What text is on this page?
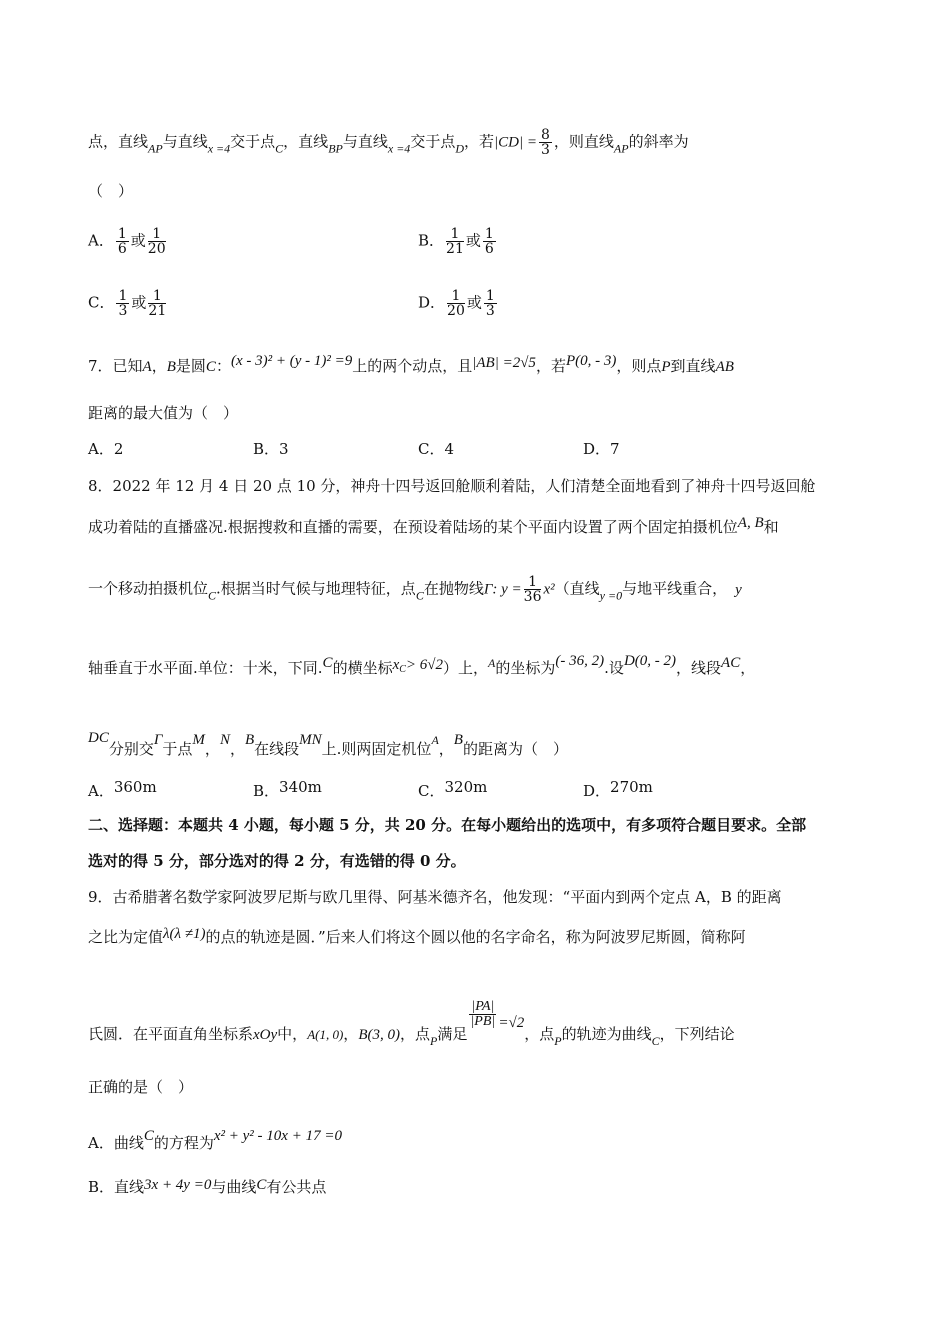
点，直线$_{AP}$与直线$_{x =4}$交于点$_C$，直线$_{BP}$与直线$_{x =4}$交于点$_D$，若$|CD| = \frac{8}{3}$ ，则直线$_{AP}$的斜率为
（　）
A． $\frac{1}{6}$ 或 $\frac{1}{20}$	B． $\frac{1}{21}$ 或 $\frac{1}{6}$
C． $\frac{1}{3}$ 或 $\frac{1}{21}$	D． $\frac{1}{20}$ 或 $\frac{1}{3}$
7．已知A，B是圆C：(x - 3)² + (y - 1)² =9上的两个动点，且|AB| =2√5，若P(0, - 3)，则点P到直线AB
距离的最大值为（　）
A．2	B．3	C．4	D．7
8．2022 年 12 月 4 日 20 点 10 分，神舟十四号返回舱顺利着陆，人们清楚全面地看到了神舟十四号返回舱
成功着陆的直播盛况.根据搜救和直播的需要，在预设着陆场的某个平面内设置了两个固定拍摄机位A, B和
一个移动拍摄机位$_C$.根据当时气候与地理特征，点$_C$在抛物线Γ: $y = \frac{1}{36} x^2$（直线$_{y =0}$与地平线重合， y
轴垂直于水平面.单位：十米，下同.C的横坐标$x_C> 6√2$）上，$^A$的坐标为(- 36, 2).设D(0, - 2)，线段AC，
DC分别交Γ于点M，N，B在线段MN上.则两固定机位$^A$，B的距离为（　）
A．360m	B．340m	C．320m	D．270m
二、选择题：本题共 4 小题，每小题 5 分，共 20 分。在每小题给出的选项中，有多项符合题目要求。全部
选对的得 5 分，部分选对的得 2 分，有选错的得 0 分。
9．古希腊著名数学家阿波罗尼斯与欧几里得、阿基米德齐名，他发现：“平面内到两个定点 A，B 的距离
之比为定值λ(λ ≠1)的点的轨迹是圆．”后来人们将这个圆以他的名字命名，称为阿波罗尼斯圆，简称阿
氏圆．在平面直角坐标系xOy中，A(1, 0)，B(3, 0)，点$_P$满足
$\frac{|PA|}{|PB|} =√2$，点$_P$的轨迹为曲线$_C$，下列结论
正确的是（　）
A．曲线C的方程为x² + y² - 10x + 17 =0
B．直线3x + 4y =0与曲线C有公共点
